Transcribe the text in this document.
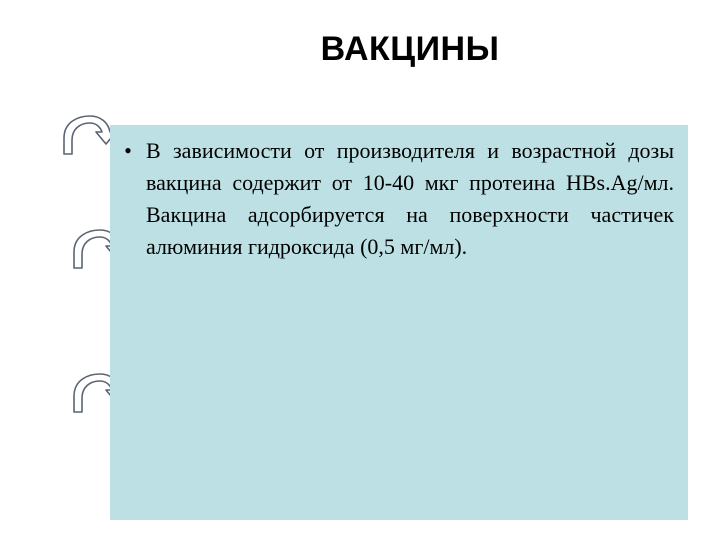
ВАКЦИНЫ
• В зависимости от производителя и возрастной дозы вакцина содержит от 10-40 мкг протеина HBs.Ag/мл. Вакцина адсорбируется на поверхности частичек алюминия гидроксида (0,5 мг/мл).
